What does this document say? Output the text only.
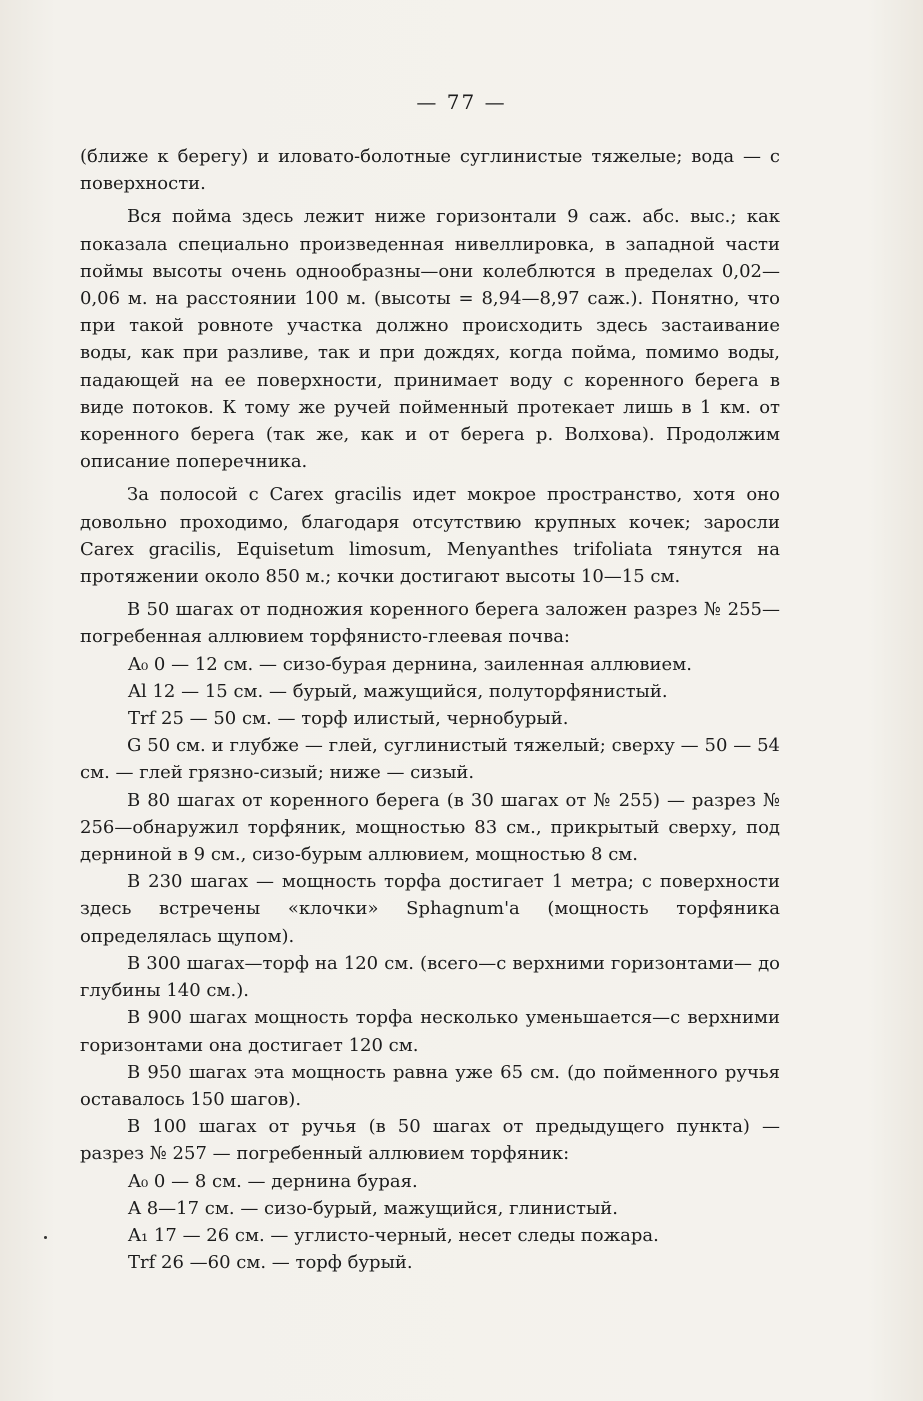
— 77 —

(ближе к берегу) и иловато-болотные суглинистые тяжелые; вода — с поверхности.

Вся пойма здесь лежит ниже горизонтали 9 саж. абс. выс.; как показала специально произведенная нивеллировка, в западной части поймы высоты очень однообразны—они колеблются в пределах 0,02—0,06 м. на расстоянии 100 м. (высоты = 8,94—8,97 саж.). Понятно, что при такой ровноте участка должно происходить здесь застаивание воды, как при разливе, так и при дождях, когда пойма, помимо воды, падающей на ее поверхности, принимает воду с коренного берега в виде потоков. К тому же ручей пойменный протекает лишь в 1 км. от коренного берега (так же, как и от берега р. Волхова). Продолжим описание поперечника.

За полосой с Carex gracilis идет мокрое пространство, хотя оно довольно проходимо, благодаря отсутствию крупных кочек; заросли Carex gracilis, Equisetum limosum, Menyanthes trifoliata тянутся на протяжении около 850 м.; кочки достигают высоты 10—15 см.

В 50 шагах от подножия коренного берега заложен разрез № 255— погребенная аллювием торфянисто-глеевая почва:

A₀ 0 — 12 см. — сизо-бурая дернина, заиленная аллювием.

Al 12 — 15 см. — бурый, мажущийся, полуторфянистый.

Trf 25 — 50 см. — торф илистый, чернобурый.

G 50 см. и глубже — глей, суглинистый тяжелый; сверху — 50 — 54 см. — глей грязно-сизый; ниже — сизый.

В 80 шагах от коренного берега (в 30 шагах от № 255) — разрез № 256—обнаружил торфяник, мощностью 83 см., прикрытый сверху, под дерниной в 9 см., сизо-бурым аллювием, мощностью 8 см.

В 230 шагах — мощность торфа достигает 1 метра; с поверхности здесь встречены «клочки» Sphagnum'a (мощность торфяника определялась щупом).

В 300 шагах—торф на 120 см. (всего—с верхними горизонтами— до глубины 140 см.).

В 900 шагах мощность торфа несколько уменьшается—с верхними горизонтами она достигает 120 см.

В 950 шагах эта мощность равна уже 65 см. (до пойменного ручья оставалось 150 шагов).

В 100 шагах от ручья (в 50 шагах от предыдущего пункта) — разрез № 257 — погребенный аллювием торфяник:

A₀ 0 — 8 см. — дернина бурая.

A 8—17 см. — сизо-бурый, мажущийся, глинистый.

A₁ 17 — 26 см. — углисто-черный, несет следы пожара.

Trf 26 —60 см. — торф бурый.
